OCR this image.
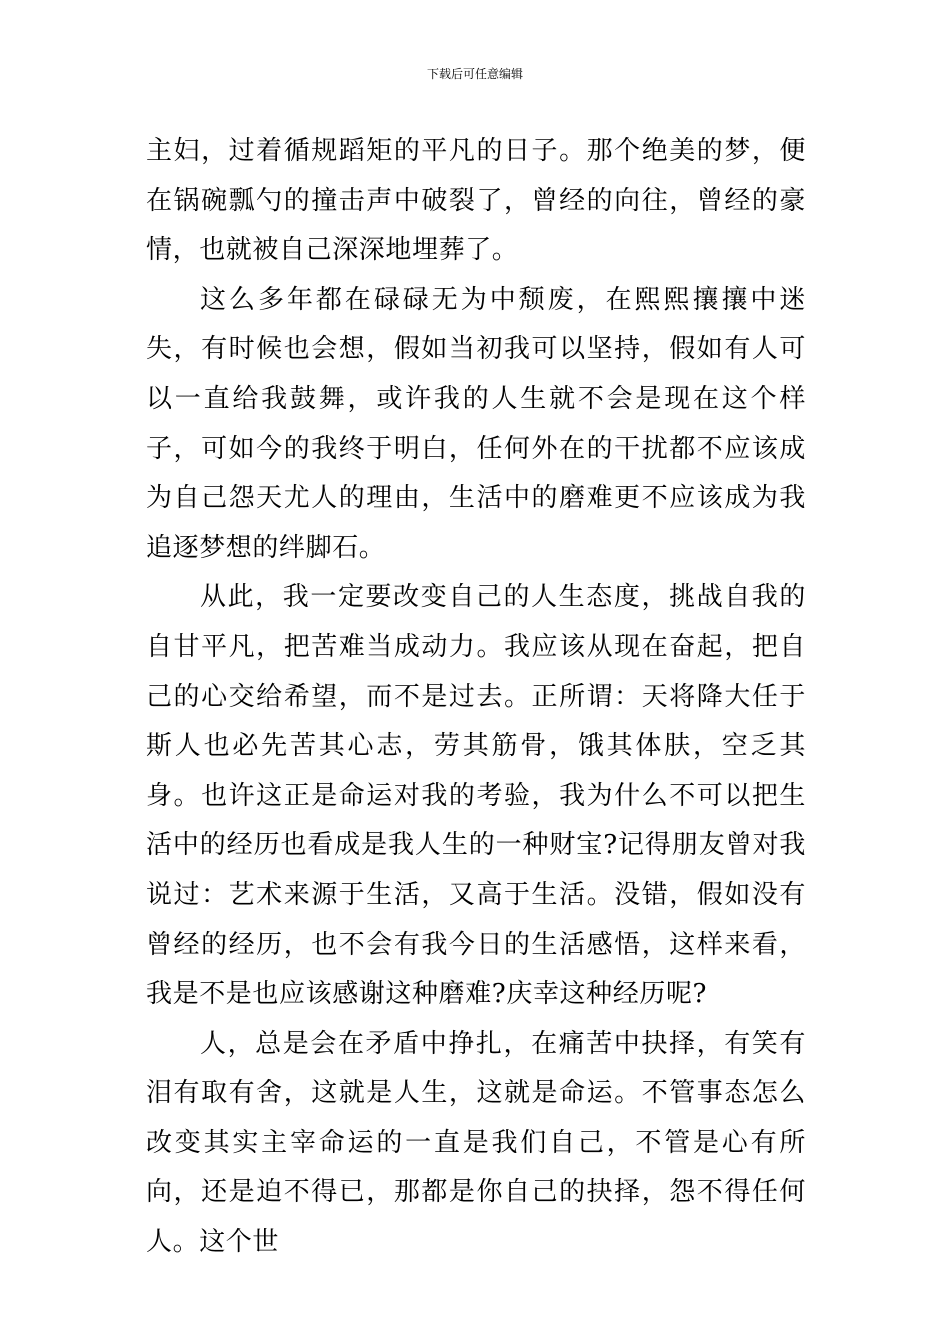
下载后可任意编辑

主妇，过着循规蹈矩的平凡的日子。那个绝美的梦，便在锅碗瓢勺的撞击声中破裂了，曾经的向往，曾经的豪情，也就被自己深深地埋葬了。

这么多年都在碌碌无为中颓废，在熙熙攘攘中迷失，有时候也会想，假如当初我可以坚持，假如有人可以一直给我鼓舞，或许我的人生就不会是现在这个样子，可如今的我终于明白，任何外在的干扰都不应该成为自己怨天尤人的理由，生活中的磨难更不应该成为我追逐梦想的绊脚石。

从此，我一定要改变自己的人生态度，挑战自我的自甘平凡，把苦难当成动力。我应该从现在奋起，把自己的心交给希望，而不是过去。正所谓：天将降大任于斯人也必先苦其心志，劳其筋骨，饿其体肤，空乏其身。也许这正是命运对我的考验，我为什么不可以把生活中的经历也看成是我人生的一种财宝?记得朋友曾对我说过：艺术来源于生活，又高于生活。没错，假如没有曾经的经历，也不会有我今日的生活感悟，这样来看，我是不是也应该感谢这种磨难?庆幸这种经历呢?

人，总是会在矛盾中挣扎，在痛苦中抉择，有笑有泪有取有舍，这就是人生，这就是命运。不管事态怎么改变其实主宰命运的一直是我们自己，不管是心有所向，还是迫不得已，那都是你自己的抉择，怨不得任何人。这个世
